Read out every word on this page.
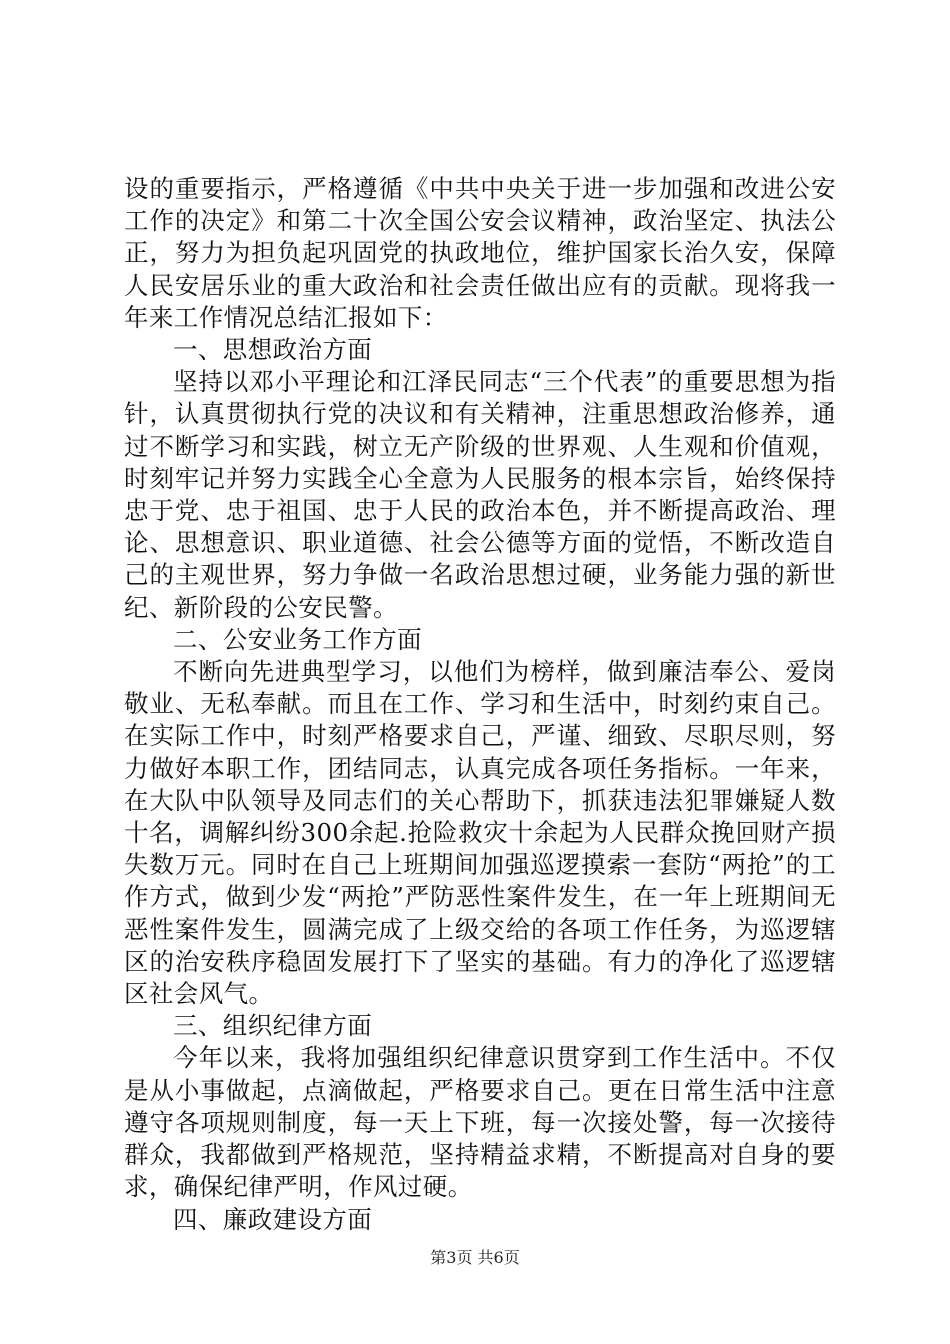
设的重要指示，严格遵循《中共中央关于进一步加强和改进公安工作的决定》和第二十次全国公安会议精神，政治坚定、执法公正，努力为担负起巩固党的执政地位，维护国家长治久安，保障人民安居乐业的重大政治和社会责任做出应有的贡献。现将我一年来工作情况总结汇报如下：

一、思想政治方面

坚持以邓小平理论和江泽民同志“三个代表”的重要思想为指针，认真贯彻执行党的决议和有关精神，注重思想政治修养，通过不断学习和实践，树立无产阶级的世界观、人生观和价值观，时刻牢记并努力实践全心全意为人民服务的根本宗旨，始终保持忠于党、忠于祖国、忠于人民的政治本色，并不断提高政治、理论、思想意识、职业道德、社会公德等方面的觉悟，不断改造自己的主观世界，努力争做一名政治思想过硬，业务能力强的新世纪、新阶段的公安民警。

二、公安业务工作方面

不断向先进典型学习，以他们为榜样，做到廉洁奉公、爱岗敬业、无私奉献。而且在工作、学习和生活中，时刻约束自己。在实际工作中，时刻严格要求自己，严谨、细致、尽职尽则，努力做好本职工作，团结同志，认真完成各项任务指标。一年来，在大队中队领导及同志们的关心帮助下，抓获违法犯罪嫌疑人数十名，调解纠纷300余起.抢险救灾十余起为人民群众挽回财产损失数万元。同时在自己上班期间加强巡逻摸索一套防“两抢”的工作方式，做到少发“两抢”严防恶性案件发生，在一年上班期间无恶性案件发生，圆满完成了上级交给的各项工作任务，为巡逻辖区的治安秩序稳固发展打下了坚实的基础。有力的净化了巡逻辖区社会风气。

三、组织纪律方面

今年以来，我将加强组织纪律意识贯穿到工作生活中。不仅是从小事做起，点滴做起，严格要求自己。更在日常生活中注意遵守各项规则制度，每一天上下班，每一次接处警，每一次接待群众，我都做到严格规范，坚持精益求精，不断提高对自身的要求，确保纪律严明，作风过硬。

四、廉政建设方面

第3页 共6页
